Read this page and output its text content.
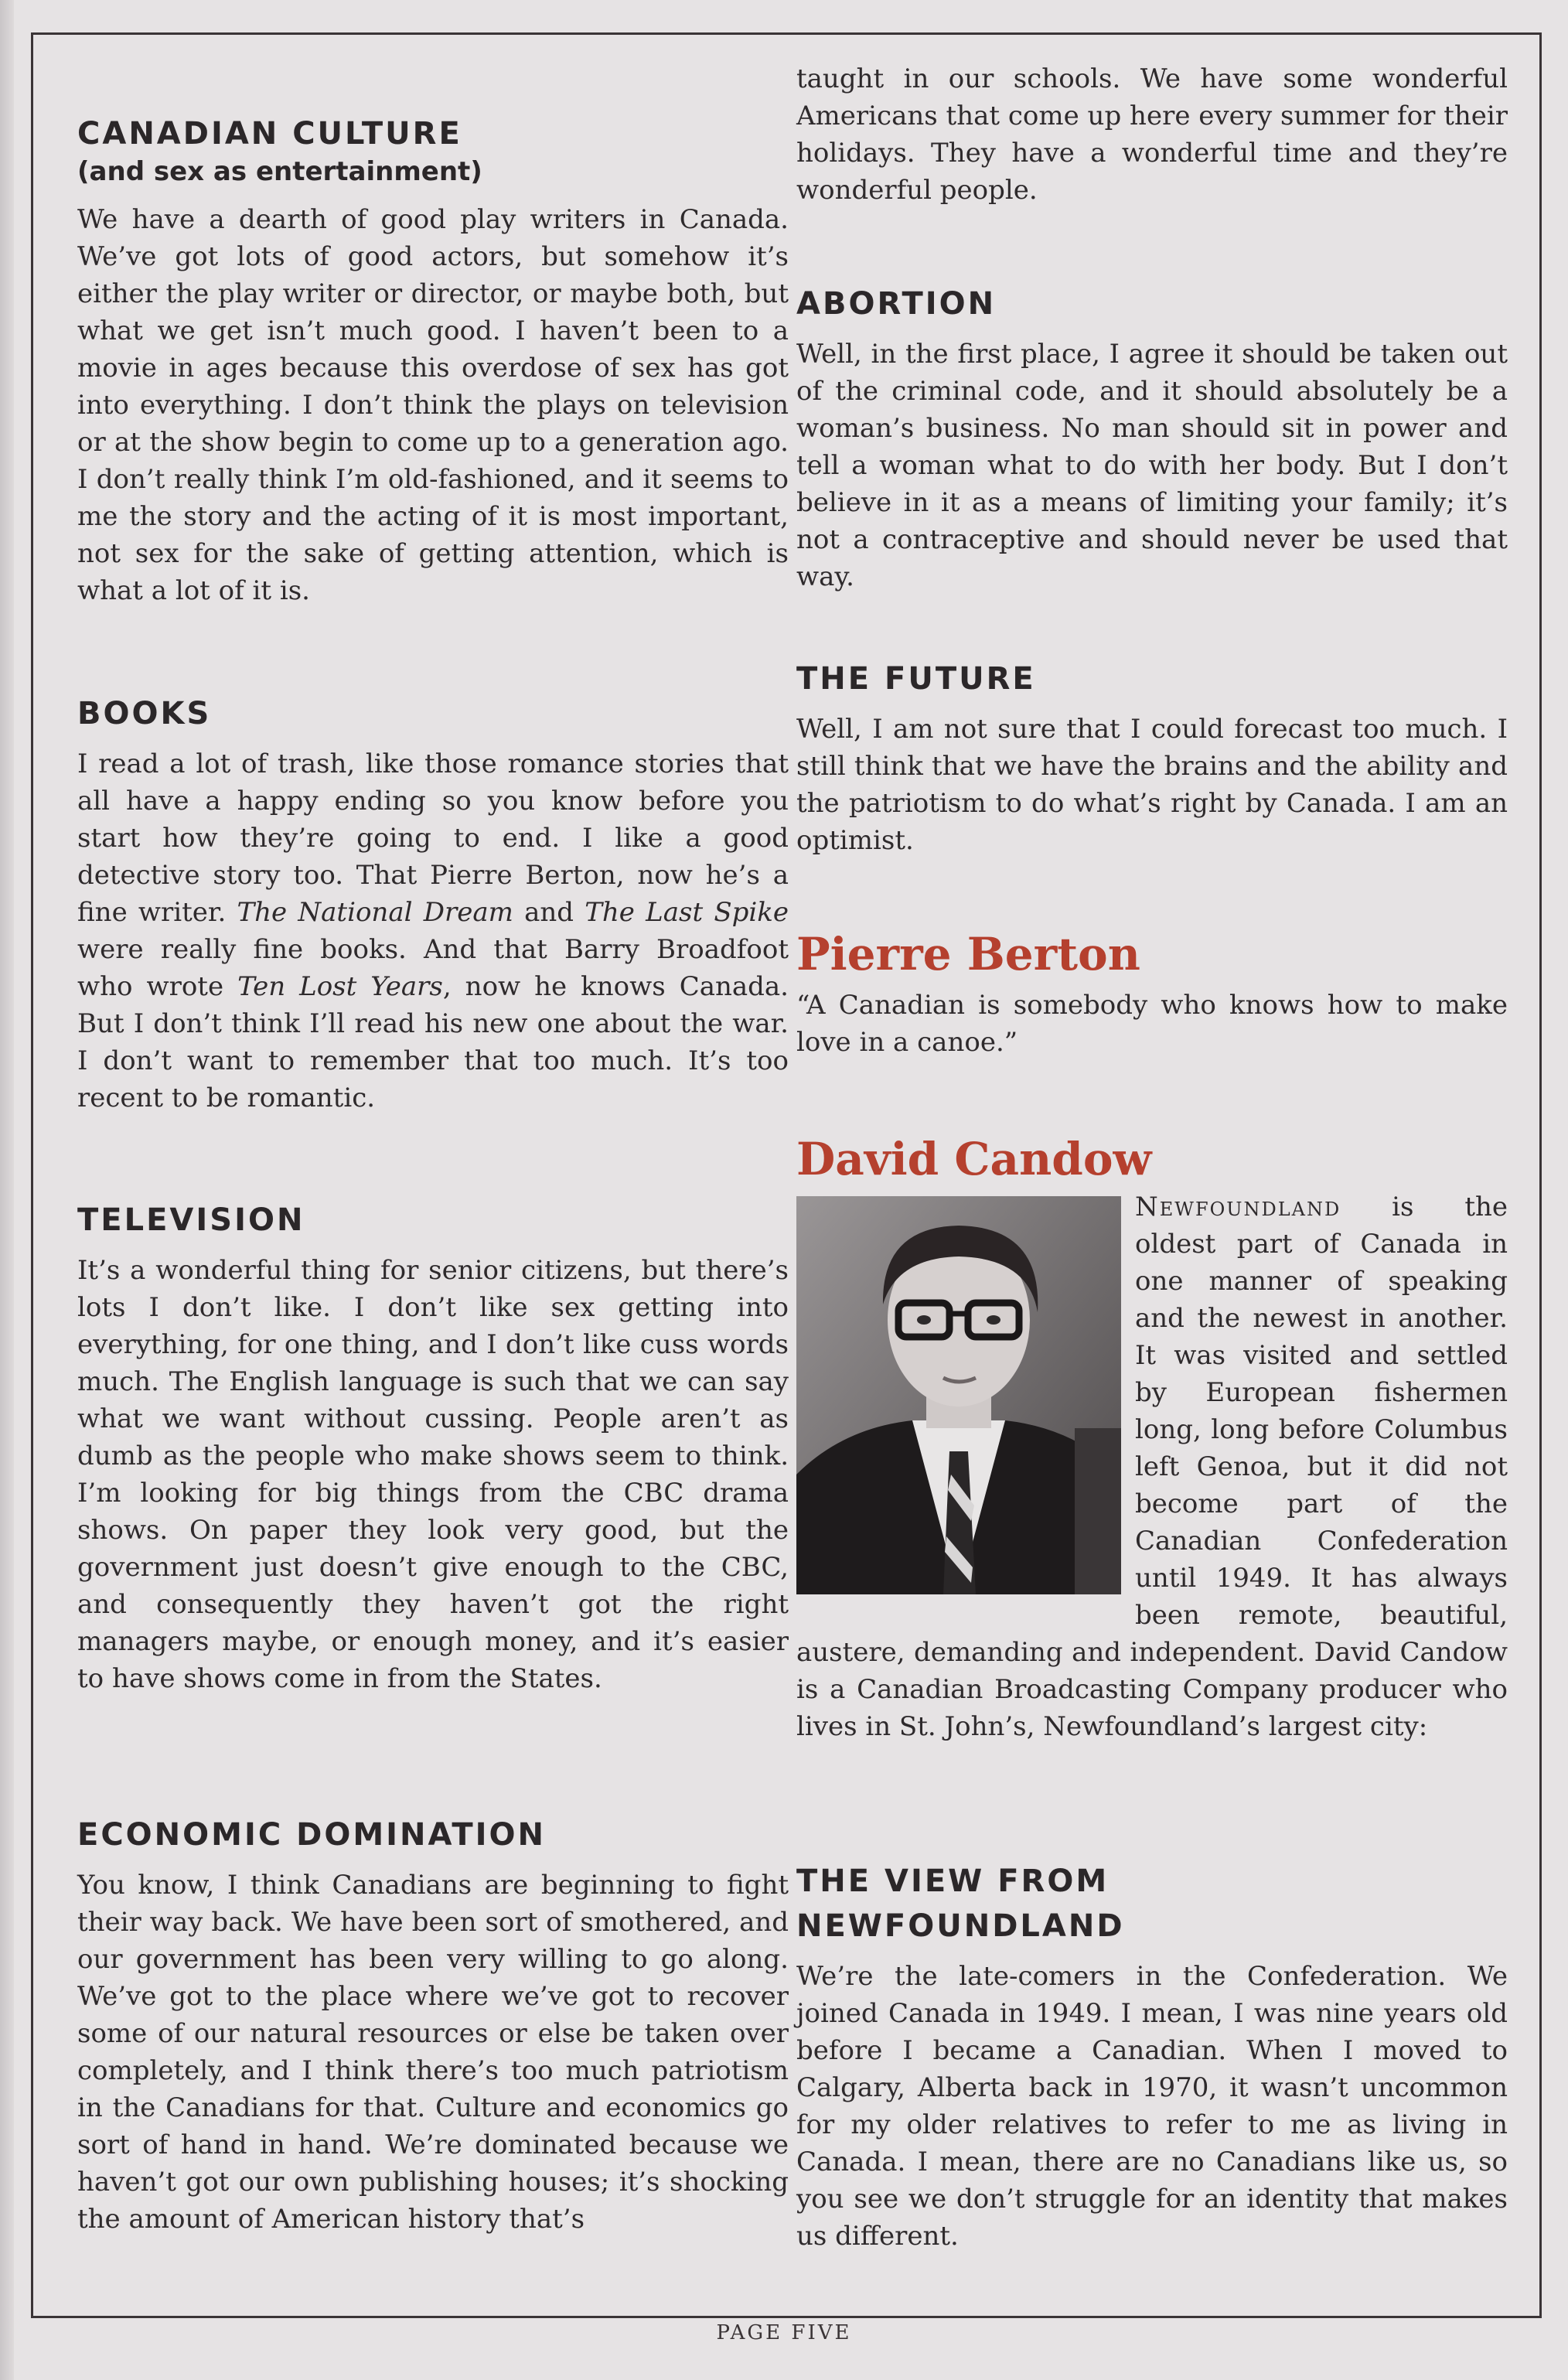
CANADIAN CULTURE
(and sex as entertainment)

We have a dearth of good play writers in Canada. We’ve got lots of good actors, but somehow it’s either the play writer or director, or maybe both, but what we get isn’t much good. I haven’t been to a movie in ages because this overdose of sex has got into everything. I don’t think the plays on television or at the show begin to come up to a generation ago. I don’t really think I’m old-fashioned, and it seems to me the story and the acting of it is most important, not sex for the sake of getting attention, which is what a lot of it is.

BOOKS

I read a lot of trash, like those romance stories that all have a happy ending so you know before you start how they’re going to end. I like a good detective story too. That Pierre Berton, now he’s a fine writer. The National Dream and The Last Spike were really fine books. And that Barry Broadfoot who wrote Ten Lost Years, now he knows Canada. But I don’t think I’ll read his new one about the war. I don’t want to remember that too much. It’s too recent to be romantic.

TELEVISION

It’s a wonderful thing for senior citizens, but there’s lots I don’t like. I don’t like sex getting into everything, for one thing, and I don’t like cuss words much. The English language is such that we can say what we want without cussing. People aren’t as dumb as the people who make shows seem to think. I’m looking for big things from the CBC drama shows. On paper they look very good, but the government just doesn’t give enough to the CBC, and consequently they haven’t got the right managers maybe, or enough money, and it’s easier to have shows come in from the States.

ECONOMIC DOMINATION

You know, I think Canadians are beginning to fight their way back. We have been sort of smothered, and our government has been very willing to go along. We’ve got to the place where we’ve got to recover some of our natural resources or else be taken over completely, and I think there’s too much patriotism in the Canadians for that. Culture and economics go sort of hand in hand. We’re dominated because we haven’t got our own publishing houses; it’s shocking the amount of American history that’s

taught in our schools. We have some wonderful Americans that come up here every summer for their holidays. They have a wonderful time and they’re wonderful people.

ABORTION

Well, in the first place, I agree it should be taken out of the criminal code, and it should absolutely be a woman’s business. No man should sit in power and tell a woman what to do with her body. But I don’t believe in it as a means of limiting your family; it’s not a contraceptive and should never be used that way.

THE FUTURE

Well, I am not sure that I could forecast too much. I still think that we have the brains and the ability and the patriotism to do what’s right by Canada. I am an optimist.

Pierre Berton

“A Canadian is somebody who knows how to make love in a canoe.”

David Candow

Newfoundland is the oldest part of Canada in one manner of speaking and the newest in another. It was visited and settled by European fishermen long, long before Columbus left Genoa, but it did not become part of the Canadian Confederation until 1949. It has always been remote, beautiful, austere, demanding and independent. David Candow is a Canadian Broadcasting Company producer who lives in St. John’s, Newfoundland’s largest city:

THE VIEW FROM
NEWFOUNDLAND

We’re the late-comers in the Confederation. We joined Canada in 1949. I mean, I was nine years old before I became a Canadian. When I moved to Calgary, Alberta back in 1970, it wasn’t uncommon for my older relatives to refer to me as living in Canada. I mean, there are no Canadians like us, so you see we don’t struggle for an identity that makes us different.

PAGE FIVE
